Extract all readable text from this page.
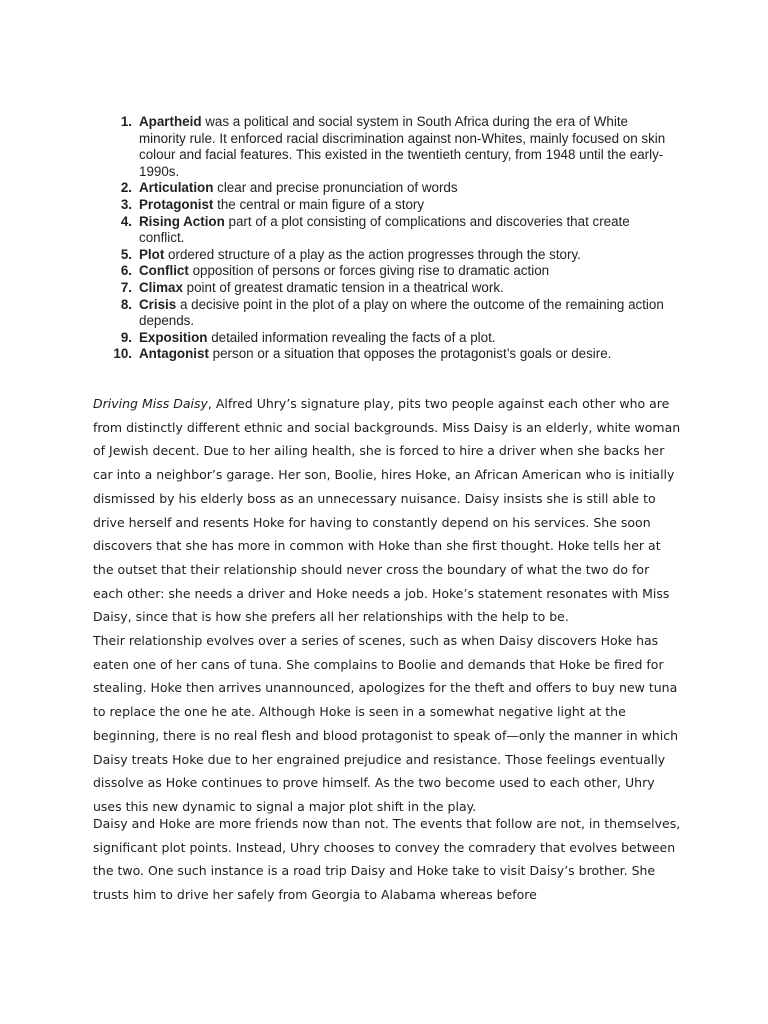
1. Apartheid was a political and social system in South Africa during the era of White minority rule. It enforced racial discrimination against non-Whites, mainly focused on skin colour and facial features. This existed in the twentieth century, from 1948 until the early-1990s.
2. Articulation clear and precise pronunciation of words
3. Protagonist the central or main figure of a story
4. Rising Action part of a plot consisting of complications and discoveries that create conflict.
5. Plot ordered structure of a play as the action progresses through the story.
6. Conflict opposition of persons or forces giving rise to dramatic action
7. Climax point of greatest dramatic tension in a theatrical work.
8. Crisis a decisive point in the plot of a play on where the outcome of the remaining action depends.
9. Exposition detailed information revealing the facts of a plot.
10. Antagonist person or a situation that opposes the protagonist’s goals or desire.

Driving Miss Daisy, Alfred Uhry’s signature play, pits two people against each other who are from distinctly different ethnic and social backgrounds. Miss Daisy is an elderly, white woman of Jewish decent. Due to her ailing health, she is forced to hire a driver when she backs her car into a neighbor’s garage. Her son, Boolie, hires Hoke, an African American who is initially dismissed by his elderly boss as an unnecessary nuisance. Daisy insists she is still able to drive herself and resents Hoke for having to constantly depend on his services. She soon discovers that she has more in common with Hoke than she first thought. Hoke tells her at the outset that their relationship should never cross the boundary of what the two do for each other: she needs a driver and Hoke needs a job. Hoke’s statement resonates with Miss Daisy, since that is how she prefers all her relationships with the help to be.

Their relationship evolves over a series of scenes, such as when Daisy discovers Hoke has eaten one of her cans of tuna. She complains to Boolie and demands that Hoke be fired for stealing. Hoke then arrives unannounced, apologizes for the theft and offers to buy new tuna to replace the one he ate. Although Hoke is seen in a somewhat negative light at the beginning, there is no real flesh and blood protagonist to speak of—only the manner in which Daisy treats Hoke due to her engrained prejudice and resistance. Those feelings eventually dissolve as Hoke continues to prove himself. As the two become used to each other, Uhry uses this new dynamic to signal a major plot shift in the play.

Daisy and Hoke are more friends now than not. The events that follow are not, in themselves, significant plot points. Instead, Uhry chooses to convey the comradery that evolves between the two. One such instance is a road trip Daisy and Hoke take to visit Daisy’s brother. She trusts him to drive her safely from Georgia to Alabama whereas before
